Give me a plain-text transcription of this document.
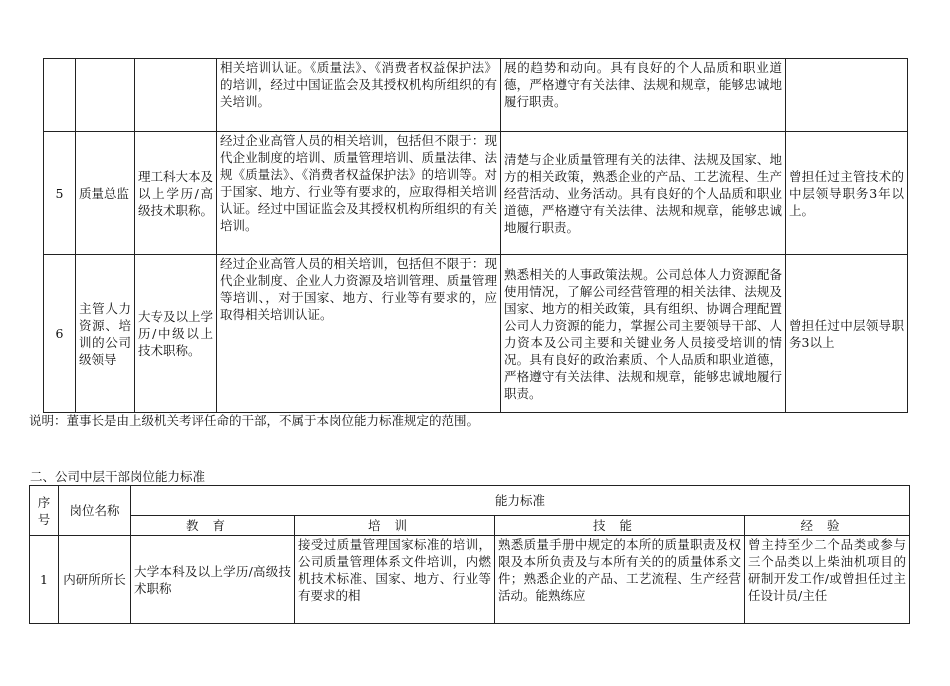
			相关培训认证。《质量法》、《消费者权益保护法》的培训，经过中国证监会及其授权机构所组织的有关培训。	展的趋势和动向。具有良好的个人品质和职业道德，严格遵守有关法律、法规和规章，能够忠诚地履行职责。	
5	质量总监	理工科大本及以上学历/高级技术职称。	经过企业高管人员的相关培训，包括但不限于：现代企业制度的培训、质量管理培训、质量法律、法规《质量法》、《消费者权益保护法》的培训等。对于国家、地方、行业等有要求的，应取得相关培训认证。经过中国证监会及其授权机构所组织的有关培训。	清楚与企业质量管理有关的法律、法规及国家、地方的相关政策，熟悉企业的产品、工艺流程、生产经营活动、业务活动。具有良好的个人品质和职业道德，严格遵守有关法律、法规和规章，能够忠诚地履行职责。	曾担任过主管技术的中层领导职务3年以上。
6	主管人力资源、培训的公司级领导	大专及以上学历/中级以上技术职称。	经过企业高管人员的相关培训，包括但不限于：现代企业制度、企业人力资源及培训管理、质量管理等培训、，对于国家、地方、行业等有要求的，应取得相关培训认证。	熟悉相关的人事政策法规。公司总体人力资源配备使用情况，了解公司经营管理的相关法律、法规及国家、地方的相关政策，具有组织、协调合理配置公司人力资源的能力，掌握公司主要领导干部、人力资本及公司主要和关键业务人员接受培训的情况。具有良好的政治素质、个人品质和职业道德，严格遵守有关法律、法规和规章，能够忠诚地履行职责。	曾担任过中层领导职务3以上
说明：董事长是由上级机关考评任命的干部，不属于本岗位能力标准规定的范围。
二、公司中层干部岗位能力标准
序号	岗位名称	能力标准			
		教育	培训	技能	经验
1	内研所所长	大学本科及以上学历/高级技术职称	接受过质量管理国家标准的培训，公司质量管理体系文件培训，内燃机技术标准、国家、地方、行业等有要求的相	熟悉质量手册中规定的本所的质量职责及权限及本所负责及与本所有关的的质量体系文件；熟悉企业的产品、工艺流程、生产经营活动。能熟练应	曾主持至少二个品类或参与三个品类以上柴油机项目的研制开发工作/或曾担任过主任设计员/主任
